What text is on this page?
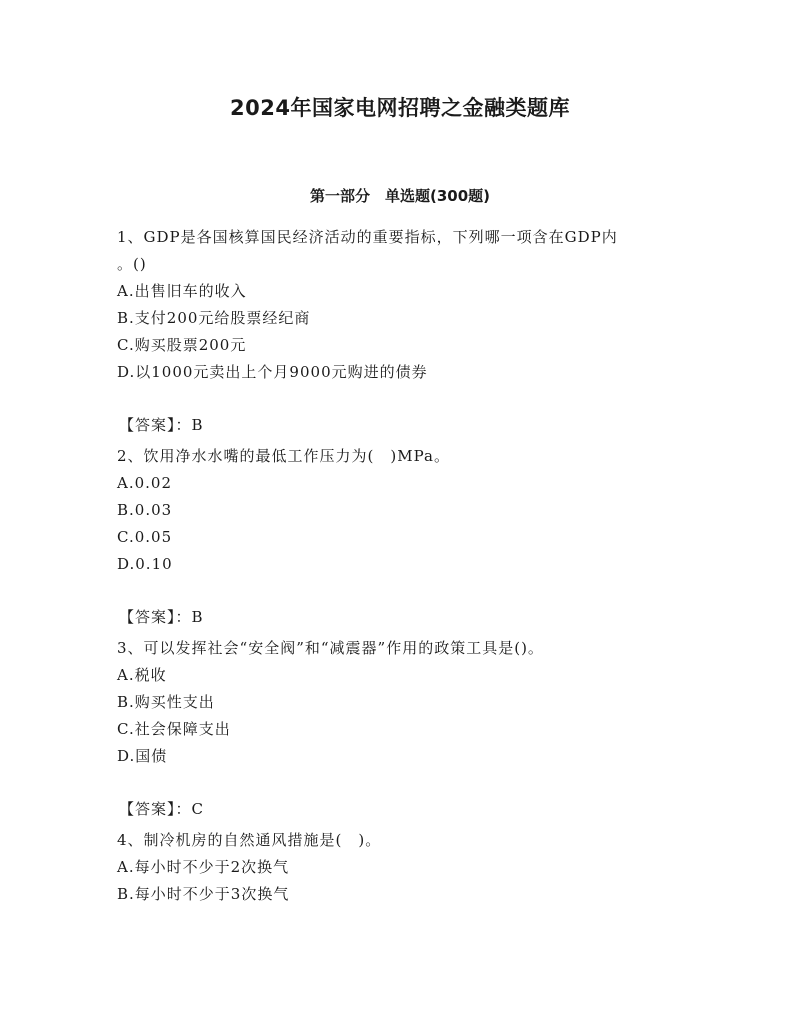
2024年国家电网招聘之金融类题库
第一部分　单选题(300题)

1、GDP是各国核算国民经济活动的重要指标，下列哪一项含在GDP内
。()

A.出售旧车的收入
B.支付200元给股票经纪商
C.购买股票200元
D.以1000元卖出上个月9000元购进的债券

【答案】：B

2、饮用净水水嘴的最低工作压力为(　)MPa。

A.0.02
B.0.03
C.0.05
D.0.10

【答案】：B

3、可以发挥社会“安全阀”和“减震器”作用的政策工具是()。

A.税收
B.购买性支出
C.社会保障支出
D.国债

【答案】：C

4、制冷机房的自然通风措施是(　)。

A.每小时不少于2次换气
B.每小时不少于3次换气
